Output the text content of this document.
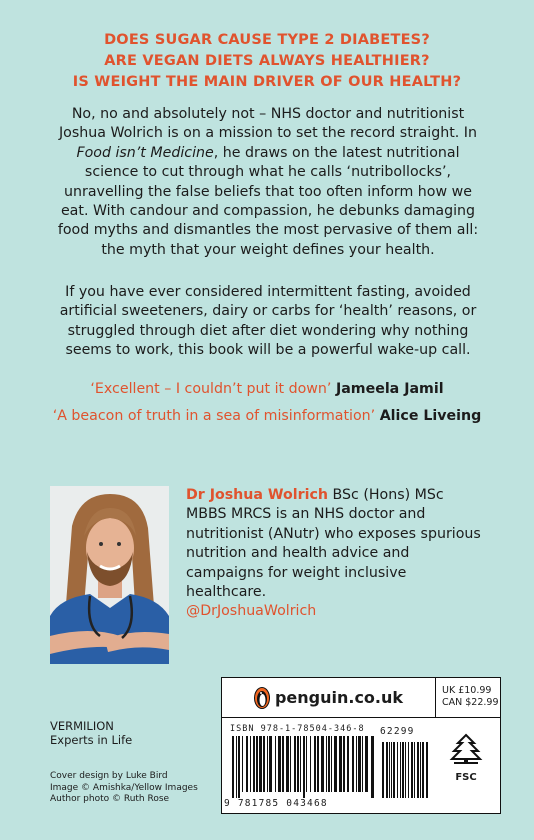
DOES SUGAR CAUSE TYPE 2 DIABETES?
ARE VEGAN DIETS ALWAYS HEALTHIER?
IS WEIGHT THE MAIN DRIVER OF OUR HEALTH?
No, no and absolutely not – NHS doctor and nutritionist Joshua Wolrich is on a mission to set the record straight. In Food isn’t Medicine, he draws on the latest nutritional science to cut through what he calls ‘nutribollocks’, unravelling the false beliefs that too often inform how we eat. With candour and compassion, he debunks damaging food myths and dismantles the most pervasive of them all: the myth that your weight defines your health.
If you have ever considered intermittent fasting, avoided artificial sweeteners, dairy or carbs for ‘health’ reasons, or struggled through diet after diet wondering why nothing seems to work, this book will be a powerful wake-up call.
‘Excellent – I couldn’t put it down’ Jameela Jamil
‘A beacon of truth in a sea of misinformation’ Alice Liveing
Dr Joshua Wolrich BSc (Hons) MSc MBBS MRCS is an NHS doctor and nutritionist (ANutr) who exposes spurious nutrition and health advice and campaigns for weight inclusive healthcare.
@DrJoshuaWolrich
VERMILION
Experts in Life
Cover design by Luke Bird
Image © Amishka/Yellow Images
Author photo © Ruth Rose
penguin.co.uk	UK £10.99
CAN $22.99
ISBN 978-1-78504-346-8 62299
9 781785 043468
FSC
